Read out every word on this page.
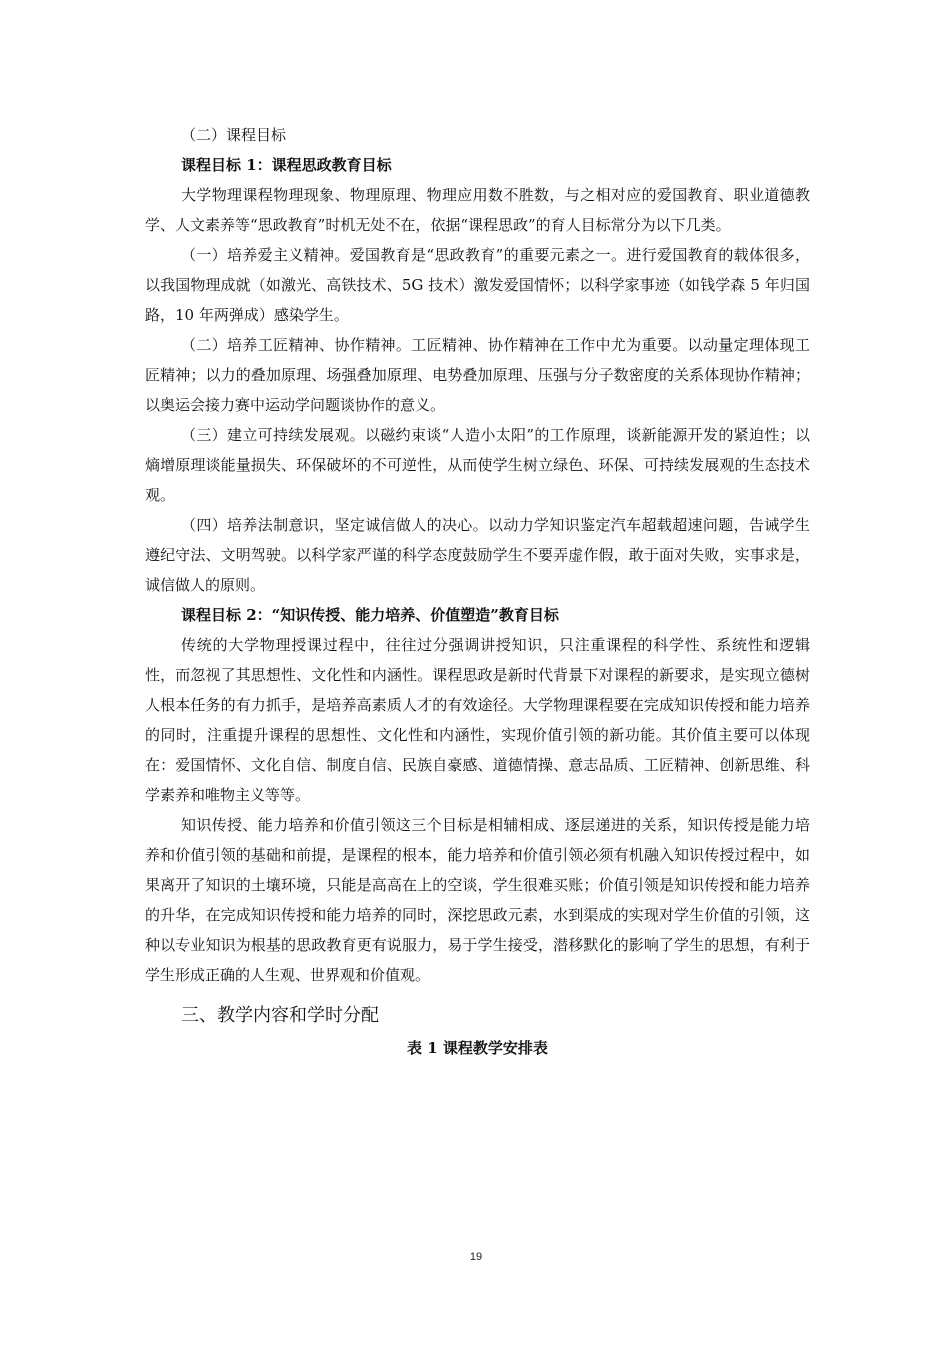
（二）课程目标

课程目标 1：课程思政教育目标

大学物理课程物理现象、物理原理、物理应用数不胜数，与之相对应的爱国教育、职业道德教学、人文素养等“思政教育”时机无处不在，依据“课程思政”的育人目标常分为以下几类。

（一）培养爱主义精神。爱国教育是“思政教育”的重要元素之一。进行爱国教育的载体很多，以我国物理成就（如激光、高铁技术、5G 技术）激发爱国情怀；以科学家事迹（如钱学森 5 年归国路，10 年两弹成）感染学生。

（二）培养工匠精神、协作精神。工匠精神、协作精神在工作中尤为重要。以动量定理体现工匠精神；以力的叠加原理、场强叠加原理、电势叠加原理、压强与分子数密度的关系体现协作精神；以奥运会接力赛中运动学问题谈协作的意义。

（三）建立可持续发展观。以磁约束谈“人造小太阳”的工作原理，谈新能源开发的紧迫性；以熵增原理谈能量损失、环保破坏的不可逆性，从而使学生树立绿色、环保、可持续发展观的生态技术观。

（四）培养法制意识，坚定诚信做人的决心。以动力学知识鉴定汽车超载超速问题，告诫学生遵纪守法、文明驾驶。以科学家严谨的科学态度鼓励学生不要弄虚作假，敢于面对失败，实事求是，诚信做人的原则。

课程目标 2：“知识传授、能力培养、价值塑造”教育目标

传统的大学物理授课过程中，往往过分强调讲授知识，只注重课程的科学性、系统性和逻辑性，而忽视了其思想性、文化性和内涵性。课程思政是新时代背景下对课程的新要求，是实现立德树人根本任务的有力抓手，是培养高素质人才的有效途径。大学物理课程要在完成知识传授和能力培养的同时，注重提升课程的思想性、文化性和内涵性，实现价值引领的新功能。其价值主要可以体现在：爱国情怀、文化自信、制度自信、民族自豪感、道德情操、意志品质、工匠精神、创新思维、科学素养和唯物主义等等。

知识传授、能力培养和价值引领这三个目标是相辅相成、逐层递进的关系，知识传授是能力培养和价值引领的基础和前提，是课程的根本，能力培养和价值引领必须有机融入知识传授过程中，如果离开了知识的土壤环境，只能是高高在上的空谈，学生很难买账；价值引领是知识传授和能力培养的升华，在完成知识传授和能力培养的同时，深挖思政元素，水到渠成的实现对学生价值的引领，这种以专业知识为根基的思政教育更有说服力，易于学生接受，潜移默化的影响了学生的思想，有利于学生形成正确的人生观、世界观和价值观。

三、教学内容和学时分配

表 1 课程教学安排表

19
